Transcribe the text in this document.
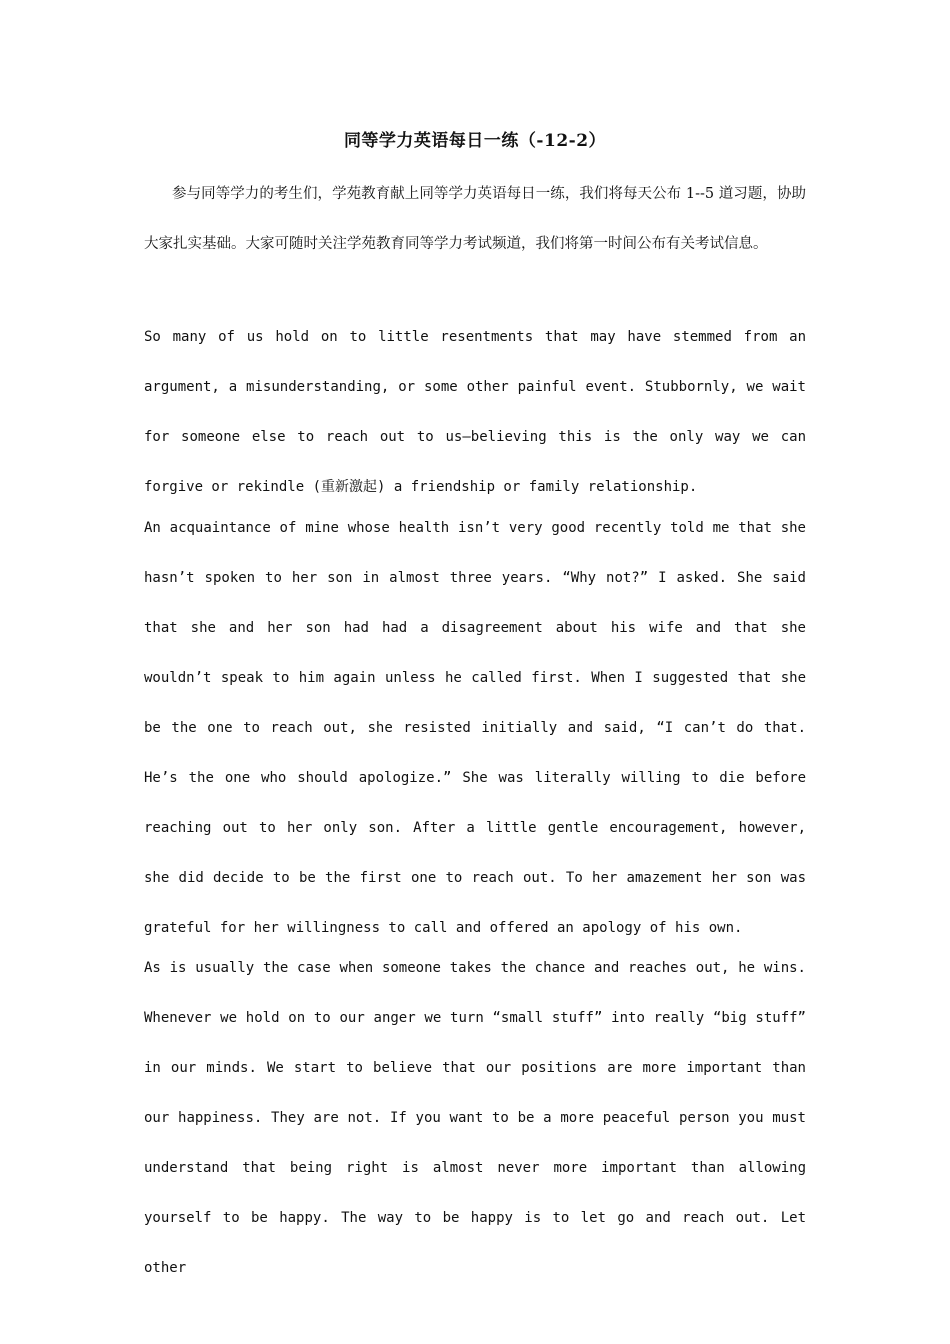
同等学力英语每日一练（-12-2）

参与同等学力的考生们，学苑教育献上同等学力英语每日一练，我们将每天公布 1--5 道习题，协助大家扎实基础。大家可随时关注学苑教育同等学力考试频道，我们将第一时间公布有关考试信息。

So many of us hold on to little resentments that may have stemmed from an argument, a misunderstanding, or some other painful event. Stubbornly, we wait for someone else to reach out to us—believing this is the only way we can forgive or rekindle (重新激起) a friendship or family relationship.

An acquaintance of mine whose health isn’t very good recently told me that she hasn’t spoken to her son in almost three years. “Why not?” I asked. She said that she and her son had had a disagreement about his wife and that she wouldn’t speak to him again unless he called first. When I suggested that she be the one to reach out, she resisted initially and said, “I can’t do that. He’s the one who should apologize.” She was literally willing to die before reaching out to her only son. After a little gentle encouragement, however, she did decide to be the first one to reach out. To her amazement her son was grateful for her willingness to call and offered an apology of his own.

As is usually the case when someone takes the chance and reaches out, he wins. Whenever we hold on to our anger we turn “small stuff” into really “big stuff” in our minds. We start to believe that our positions are more important than our happiness. They are not. If you want to be a more peaceful person you must understand that being right is almost never more important than allowing yourself to be happy. The way to be happy is to let go and reach out. Let other
